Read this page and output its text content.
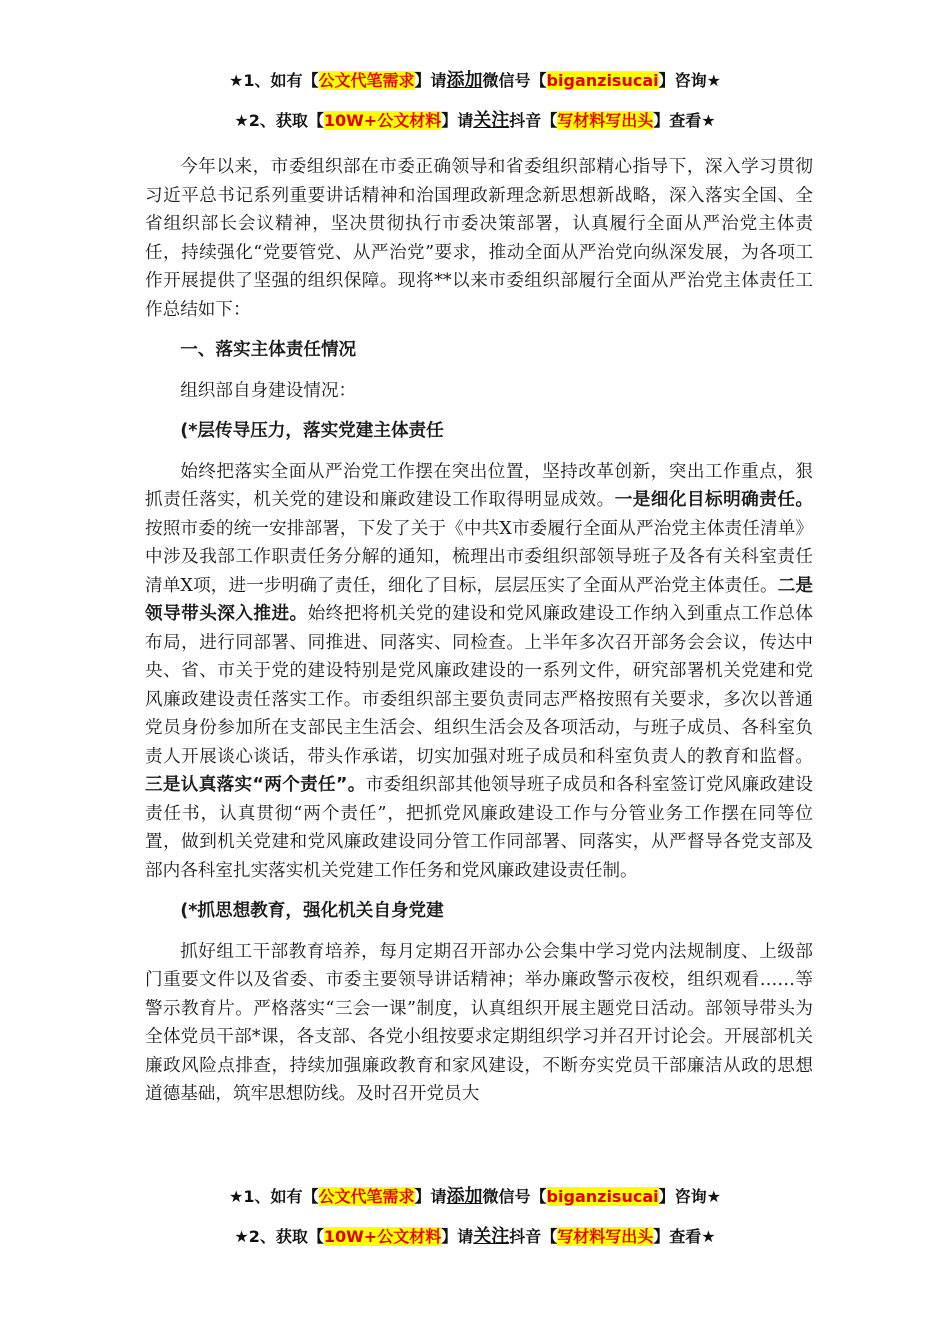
★1、如有【公文代笔需求】请添加微信号【biganzisucai】咨询★
★2、获取【10W+公文材料】请关注抖音【写材料写出头】查看★

今年以来，市委组织部在市委正确领导和省委组织部精心指导下，深入学习贯彻习近平总书记系列重要讲话精神和治国理政新理念新思想新战略，深入落实全国、全省组织部长会议精神，坚决贯彻执行市委决策部署，认真履行全面从严治党主体责任，持续强化“党要管党、从严治党”要求，推动全面从严治党向纵深发展，为各项工作开展提供了坚强的组织保障。现将**以来市委组织部履行全面从严治党主体责任工作总结如下：

一、落实主体责任情况

组织部自身建设情况：

(*层传导压力，落实党建主体责任

始终把落实全面从严治党工作摆在突出位置，坚持改革创新，突出工作重点，狠抓责任落实，机关党的建设和廉政建设工作取得明显成效。一是细化目标明确责任。按照市委的统一安排部署，下发了关于《中共X市委履行全面从严治党主体责任清单》中涉及我部工作职责任务分解的通知，梳理出市委组织部领导班子及各有关科室责任清单X项，进一步明确了责任，细化了目标，层层压实了全面从严治党主体责任。二是领导带头深入推进。始终把将机关党的建设和党风廉政建设工作纳入到重点工作总体布局，进行同部署、同推进、同落实、同检查。上半年多次召开部务会会议，传达中央、省、市关于党的建设特别是党风廉政建设的一系列文件，研究部署机关党建和党风廉政建设责任落实工作。市委组织部主要负责同志严格按照有关要求，多次以普通党员身份参加所在支部民主生活会、组织生活会及各项活动，与班子成员、各科室负责人开展谈心谈话，带头作承诺，切实加强对班子成员和科室负责人的教育和监督。三是认真落实“两个责任”。市委组织部其他领导班子成员和各科室签订党风廉政建设责任书，认真贯彻“两个责任”，把抓党风廉政建设工作与分管业务工作摆在同等位置，做到机关党建和党风廉政建设同分管工作同部署、同落实，从严督导各党支部及部内各科室扎实落实机关党建工作任务和党风廉政建设责任制。

(*抓思想教育，强化机关自身党建

抓好组工干部教育培养，每月定期召开部办公会集中学习党内法规制度、上级部门重要文件以及省委、市委主要领导讲话精神；举办廉政警示夜校，组织观看……等警示教育片。严格落实“三会一课”制度，认真组织开展主题党日活动。部领导带头为全体党员干部*课，各支部、各党小组按要求定期组织学习并召开讨论会。开展部机关廉政风险点排查，持续加强廉政教育和家风建设，不断夯实党员干部廉洁从政的思想道德基础，筑牢思想防线。及时召开党员大

★1、如有【公文代笔需求】请添加微信号【biganzisucai】咨询★
★2、获取【10W+公文材料】请关注抖音【写材料写出头】查看★
